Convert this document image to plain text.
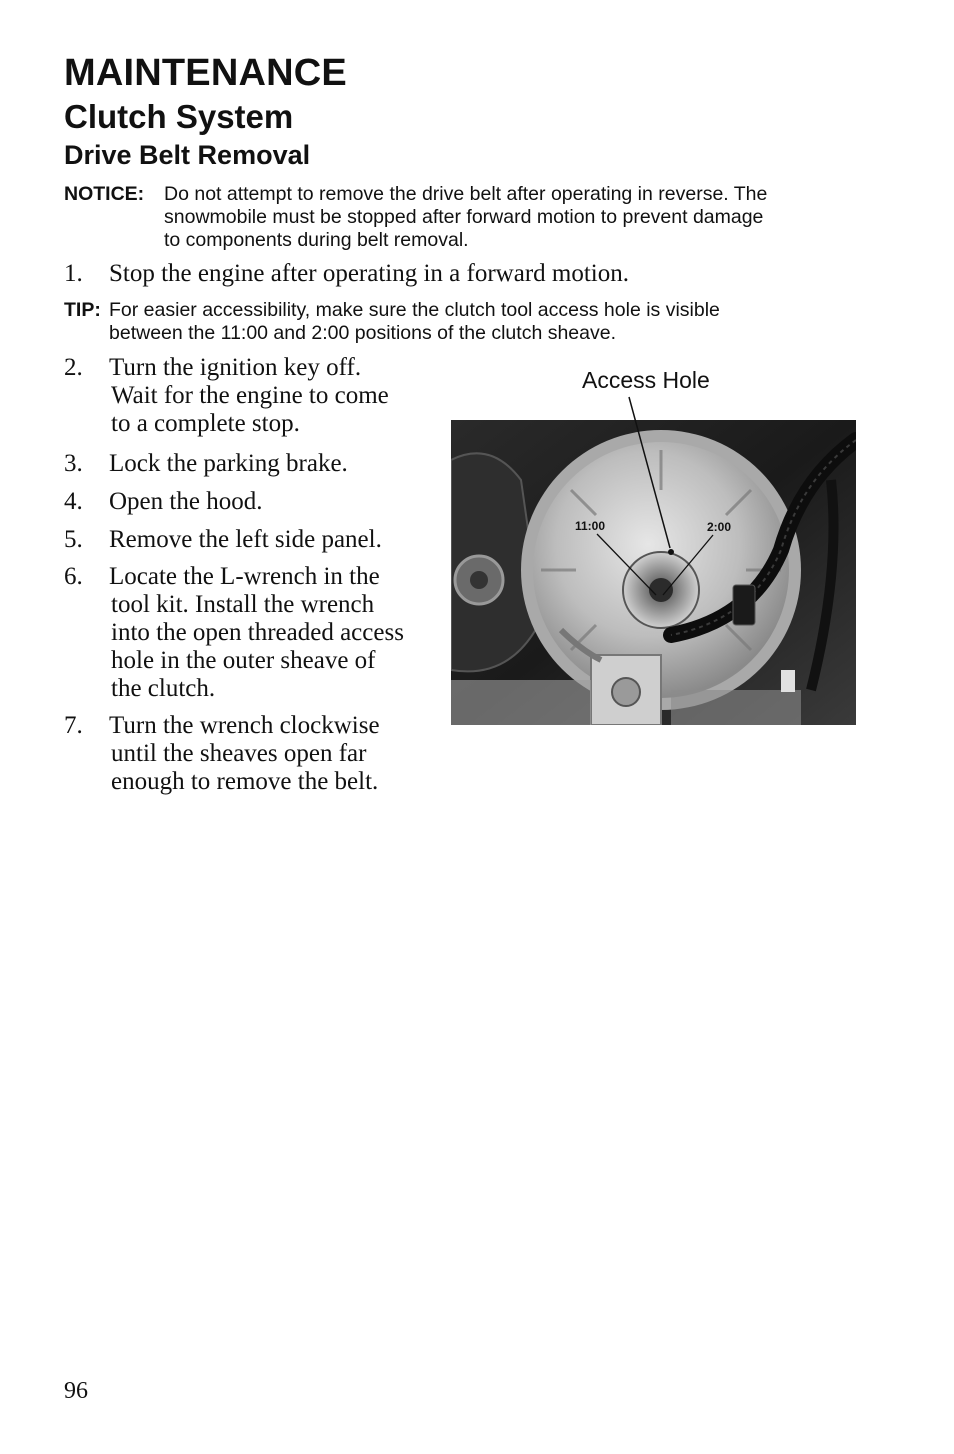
MAINTENANCE
Clutch System
Drive Belt Removal
NOTICE: Do not attempt to remove the drive belt after operating in reverse. The
snowmobile must be stopped after forward motion to prevent damage
to components during belt removal.
1. Stop the engine after operating in a forward motion.
TIP: For easier accessibility, make sure the clutch tool access hole is visible
between the 11:00 and 2:00 positions of the clutch sheave.
2. Turn the ignition key off.
Wait for the engine to come
to a complete stop.
3. Lock the parking brake.
4. Open the hood.
5. Remove the left side panel.
6. Locate the L-wrench in the
tool kit. Install the wrench
into the open threaded access
hole in the outer sheave of
the clutch.
7. Turn the wrench clockwise
until the sheaves open far
enough to remove the belt.
Access Hole
11:00	2:00
96
